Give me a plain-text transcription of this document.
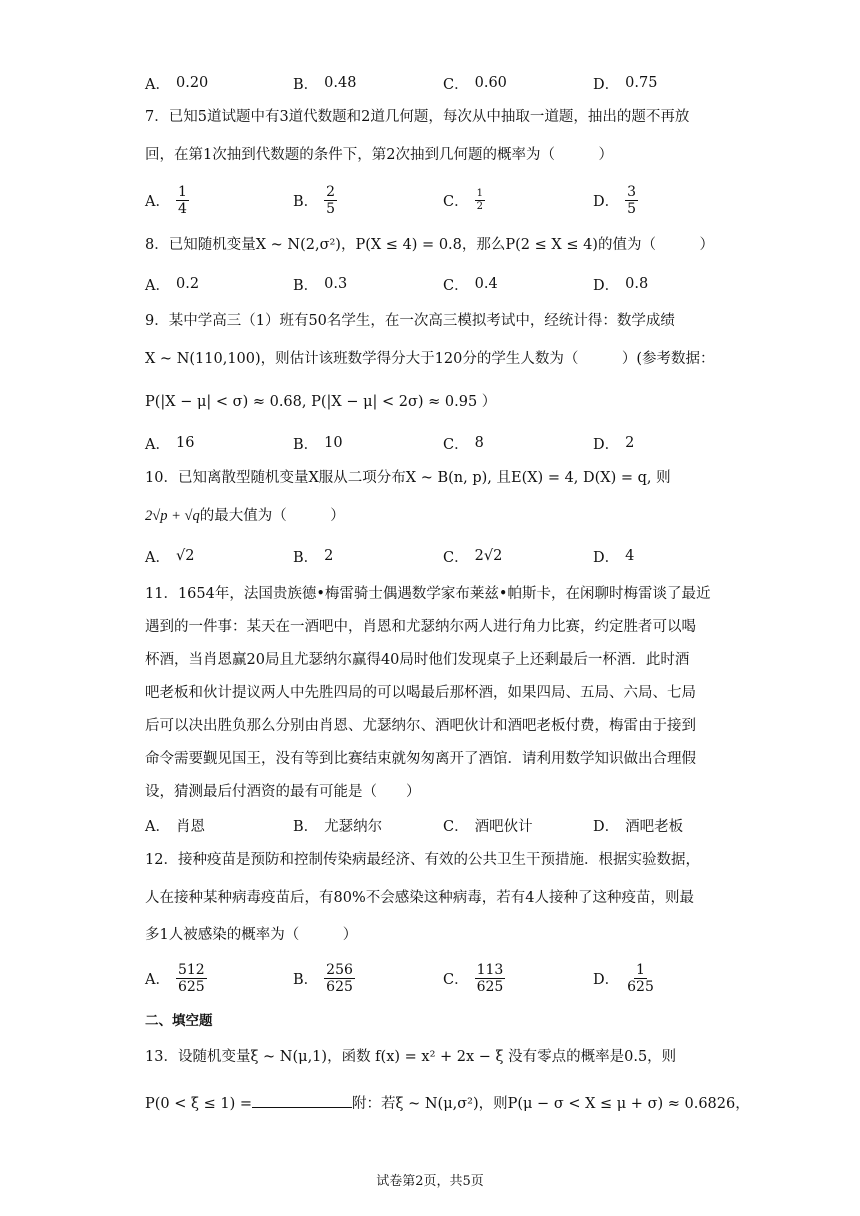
A． 0.20	B． 0.48	C． 0.60	D． 0.75
7．已知5道试题中有3道代数题和2道几何题，每次从中抽取一道题，抽出的题不再放
回，在第1次抽到代数题的条件下，第2次抽到几何题的概率为（　　　）
A． $\frac{1}{4}$	B． $\frac{2}{5}$	C． $\frac{1}{2}$	D． $\frac{3}{5}$
8．已知随机变量X ~ N(2,σ²)，P(X ≤ 4) = 0.8，那么P(2 ≤ X ≤ 4)的值为（　　　）
A． 0.2	B． 0.3	C． 0.4	D． 0.8
9．某中学高三（1）班有50名学生，在一次高三模拟考试中，经统计得：数学成绩
X ~ N(110,100)，则估计该班数学得分大于120分的学生人数为（　　　）(参考数据：
P(|X − μ| < σ) ≈ 0.68, P(|X − μ| < 2σ) ≈ 0.95 ）
A． 16	B． 10	C． 8	D． 2
10．已知离散型随机变量X服从二项分布X ~ B(n, p), 且E(X) = 4, D(X) = q, 则
2√p + √q的最大值为（　　　）
A． √2	B． 2	C． 2√2	D． 4
11．1654年，法国贵族德•梅雷骑士偶遇数学家布莱兹•帕斯卡，在闲聊时梅雷谈了最近
遇到的一件事：某天在一酒吧中，肖恩和尤瑟纳尔两人进行角力比赛，约定胜者可以喝
杯酒，当肖恩赢20局且尤瑟纳尔赢得40局时他们发现桌子上还剩最后一杯酒．此时酒
吧老板和伙计提议两人中先胜四局的可以喝最后那杯酒，如果四局、五局、六局、七局
后可以决出胜负那么分别由肖恩、尤瑟纳尔、酒吧伙计和酒吧老板付费，梅雷由于接到
命令需要觐见国王，没有等到比赛结束就匆匆离开了酒馆．请利用数学知识做出合理假
设，猜测最后付酒资的最有可能是（　　）
A． 肖恩	B． 尤瑟纳尔	C． 酒吧伙计	D． 酒吧老板
12．接种疫苗是预防和控制传染病最经济、有效的公共卫生干预措施．根据实验数据，
人在接种某种病毒疫苗后，有80%不会感染这种病毒，若有4人接种了这种疫苗，则最
多1人被感染的概率为（　　　）
A． $\frac{512}{625}$	B． $\frac{256}{625}$	C． $\frac{113}{625}$	D． $\frac{1}{625}$
二、填空题
13．设随机变量ξ ~ N(μ,1)，函数 f(x) = x² + 2x − ξ 没有零点的概率是0.5，则
P(0 < ξ ≤ 1) =	附：若ξ ~ N(μ,σ²)，则P(μ − σ < X ≤ μ + σ) ≈ 0.6826，
试卷第2页，共5页
